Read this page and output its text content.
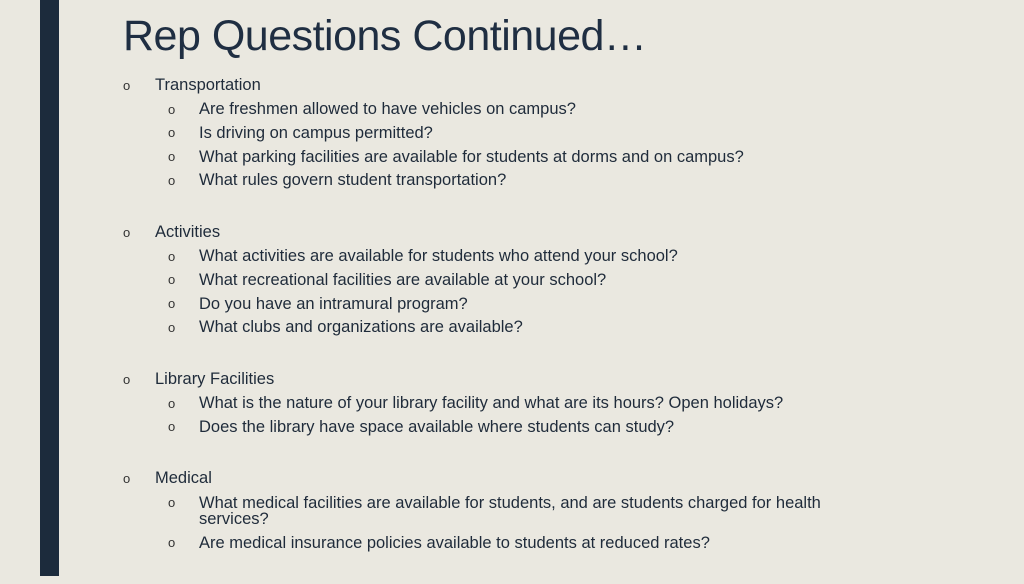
Rep Questions Continued…
o Transportation
o Are freshmen allowed to have vehicles on campus?
o Is driving on campus permitted?
o What parking facilities are available for students at dorms and on campus?
o What rules govern student transportation?
o Activities
o What activities are available for students who attend your school?
o What recreational facilities are available at your school?
o Do you have an intramural program?
o What clubs and organizations are available?
o Library Facilities
o What is the nature of your library facility and what are its hours? Open holidays?
o Does the library have space available where students can study?
o Medical
o What medical facilities are available for students, and are students charged for health services?
o Are medical insurance policies available to students at reduced rates?
